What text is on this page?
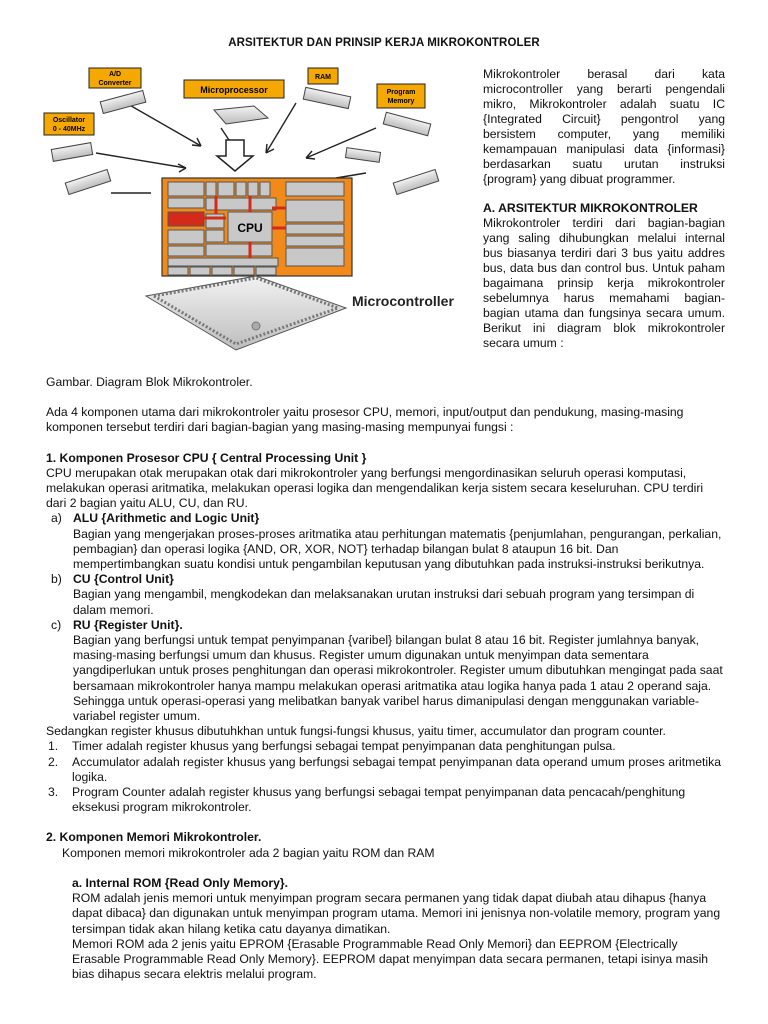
ARSITEKTUR DAN PRINSIP KERJA MIKROKONTROLER
A/D
Converter
Oscillator
0 - 40MHz
Microprocessor
RAM
Program
Memory
CPU
Microcontroller

Mikrokontroler berasal dari kata microcontroller yang berarti pengendali mikro, Mikrokontroler adalah suatu IC {Integrated Circuit} pengontrol yang bersistem computer, yang memiliki kemampauan manipulasi data {informasi} berdasarkan suatu urutan instruksi {program} yang dibuat programmer.

A. ARSITEKTUR MIKROKONTROLER

Mikrokontroler terdiri dari bagian-bagian yang saling dihubungkan melalui internal bus biasanya terdiri dari 3 bus yaitu addres bus, data bus dan control bus. Untuk paham bagaimana prinsip kerja mikrokontroler sebelumnya harus memahami bagian-bagian utama dan fungsinya secara umum. Berikut ini diagram blok mikrokontroler secara umum :

Gambar. Diagram Blok Mikrokontroler.

Ada 4 komponen utama dari mikrokontroler yaitu prosesor CPU, memori, input/output dan pendukung, masing-masing komponen tersebut terdiri dari bagian-bagian yang masing-masing mempunyai fungsi :

1. Komponen Prosesor CPU { Central Processing Unit }

CPU merupakan otak merupakan otak dari mikrokontroler yang berfungsi mengordinasikan seluruh operasi komputasi, melakukan operasi aritmatika, melakukan operasi logika dan mengendalikan kerja sistem secara keseluruhan. CPU terdiri dari 2 bagian yaitu ALU, CU, dan RU.

a) ALU {Arithmetic and Logic Unit}

Bagian yang mengerjakan proses-proses aritmatika atau perhitungan matematis {penjumlahan, pengurangan, perkalian, pembagian} dan operasi logika {AND, OR, XOR, NOT} terhadap bilangan bulat 8 ataupun 16 bit. Dan mempertimbangkan suatu kondisi untuk pengambilan keputusan yang dibutuhkan pada instruksi-instruksi berikutnya.

b) CU {Control Unit}

Bagian yang mengambil, mengkodekan dan melaksanakan urutan instruksi dari sebuah program yang tersimpan di dalam memori.

c) RU {Register Unit}.

Bagian yang berfungsi untuk tempat penyimpanan {varibel} bilangan bulat 8 atau 16 bit. Register jumlahnya banyak, masing-masing berfungsi umum dan khusus. Register umum digunakan untuk menyimpan data sementara yangdiperlukan untuk proses penghitungan dan operasi mikrokontroler. Register umum dibutuhkan mengingat pada saat bersamaan mikrokontroler hanya mampu melakukan operasi aritmatika atau logika hanya pada 1 atau 2 operand saja. Sehingga untuk operasi-operasi yang melibatkan banyak varibel harus dimanipulasi dengan menggunakan variable-variabel register umum.

Sedangkan register khusus dibutuhkhan untuk fungsi-fungsi khusus, yaitu timer, accumulator dan program counter.

1. Timer adalah register khusus yang berfungsi sebagai tempat penyimpanan data penghitungan pulsa.

2. Accumulator adalah register khusus yang berfungsi sebagai tempat penyimpanan data operand umum proses aritmetika logika.

3. Program Counter adalah register khusus yang berfungsi sebagai tempat penyimpanan data pencacah/penghitung eksekusi program mikrokontroler.

2. Komponen Memori Mikrokontroler.

Komponen memori mikrokontroler ada 2 bagian yaitu ROM dan RAM

a. Internal ROM {Read Only Memory}.

ROM adalah jenis memori untuk menyimpan program secara permanen yang tidak dapat diubah atau dihapus {hanya dapat dibaca} dan digunakan untuk menyimpan program utama. Memori ini jenisnya non-volatile memory, program yang tersimpan tidak akan hilang ketika catu dayanya dimatikan.

Memori ROM ada 2 jenis yaitu EPROM {Erasable Programmable Read Only Memori} dan EEPROM {Electrically Erasable Programmable Read Only Memory}. EEPROM dapat menyimpan data secara permanen, tetapi isinya masih bias dihapus secara elektris melalui program.
